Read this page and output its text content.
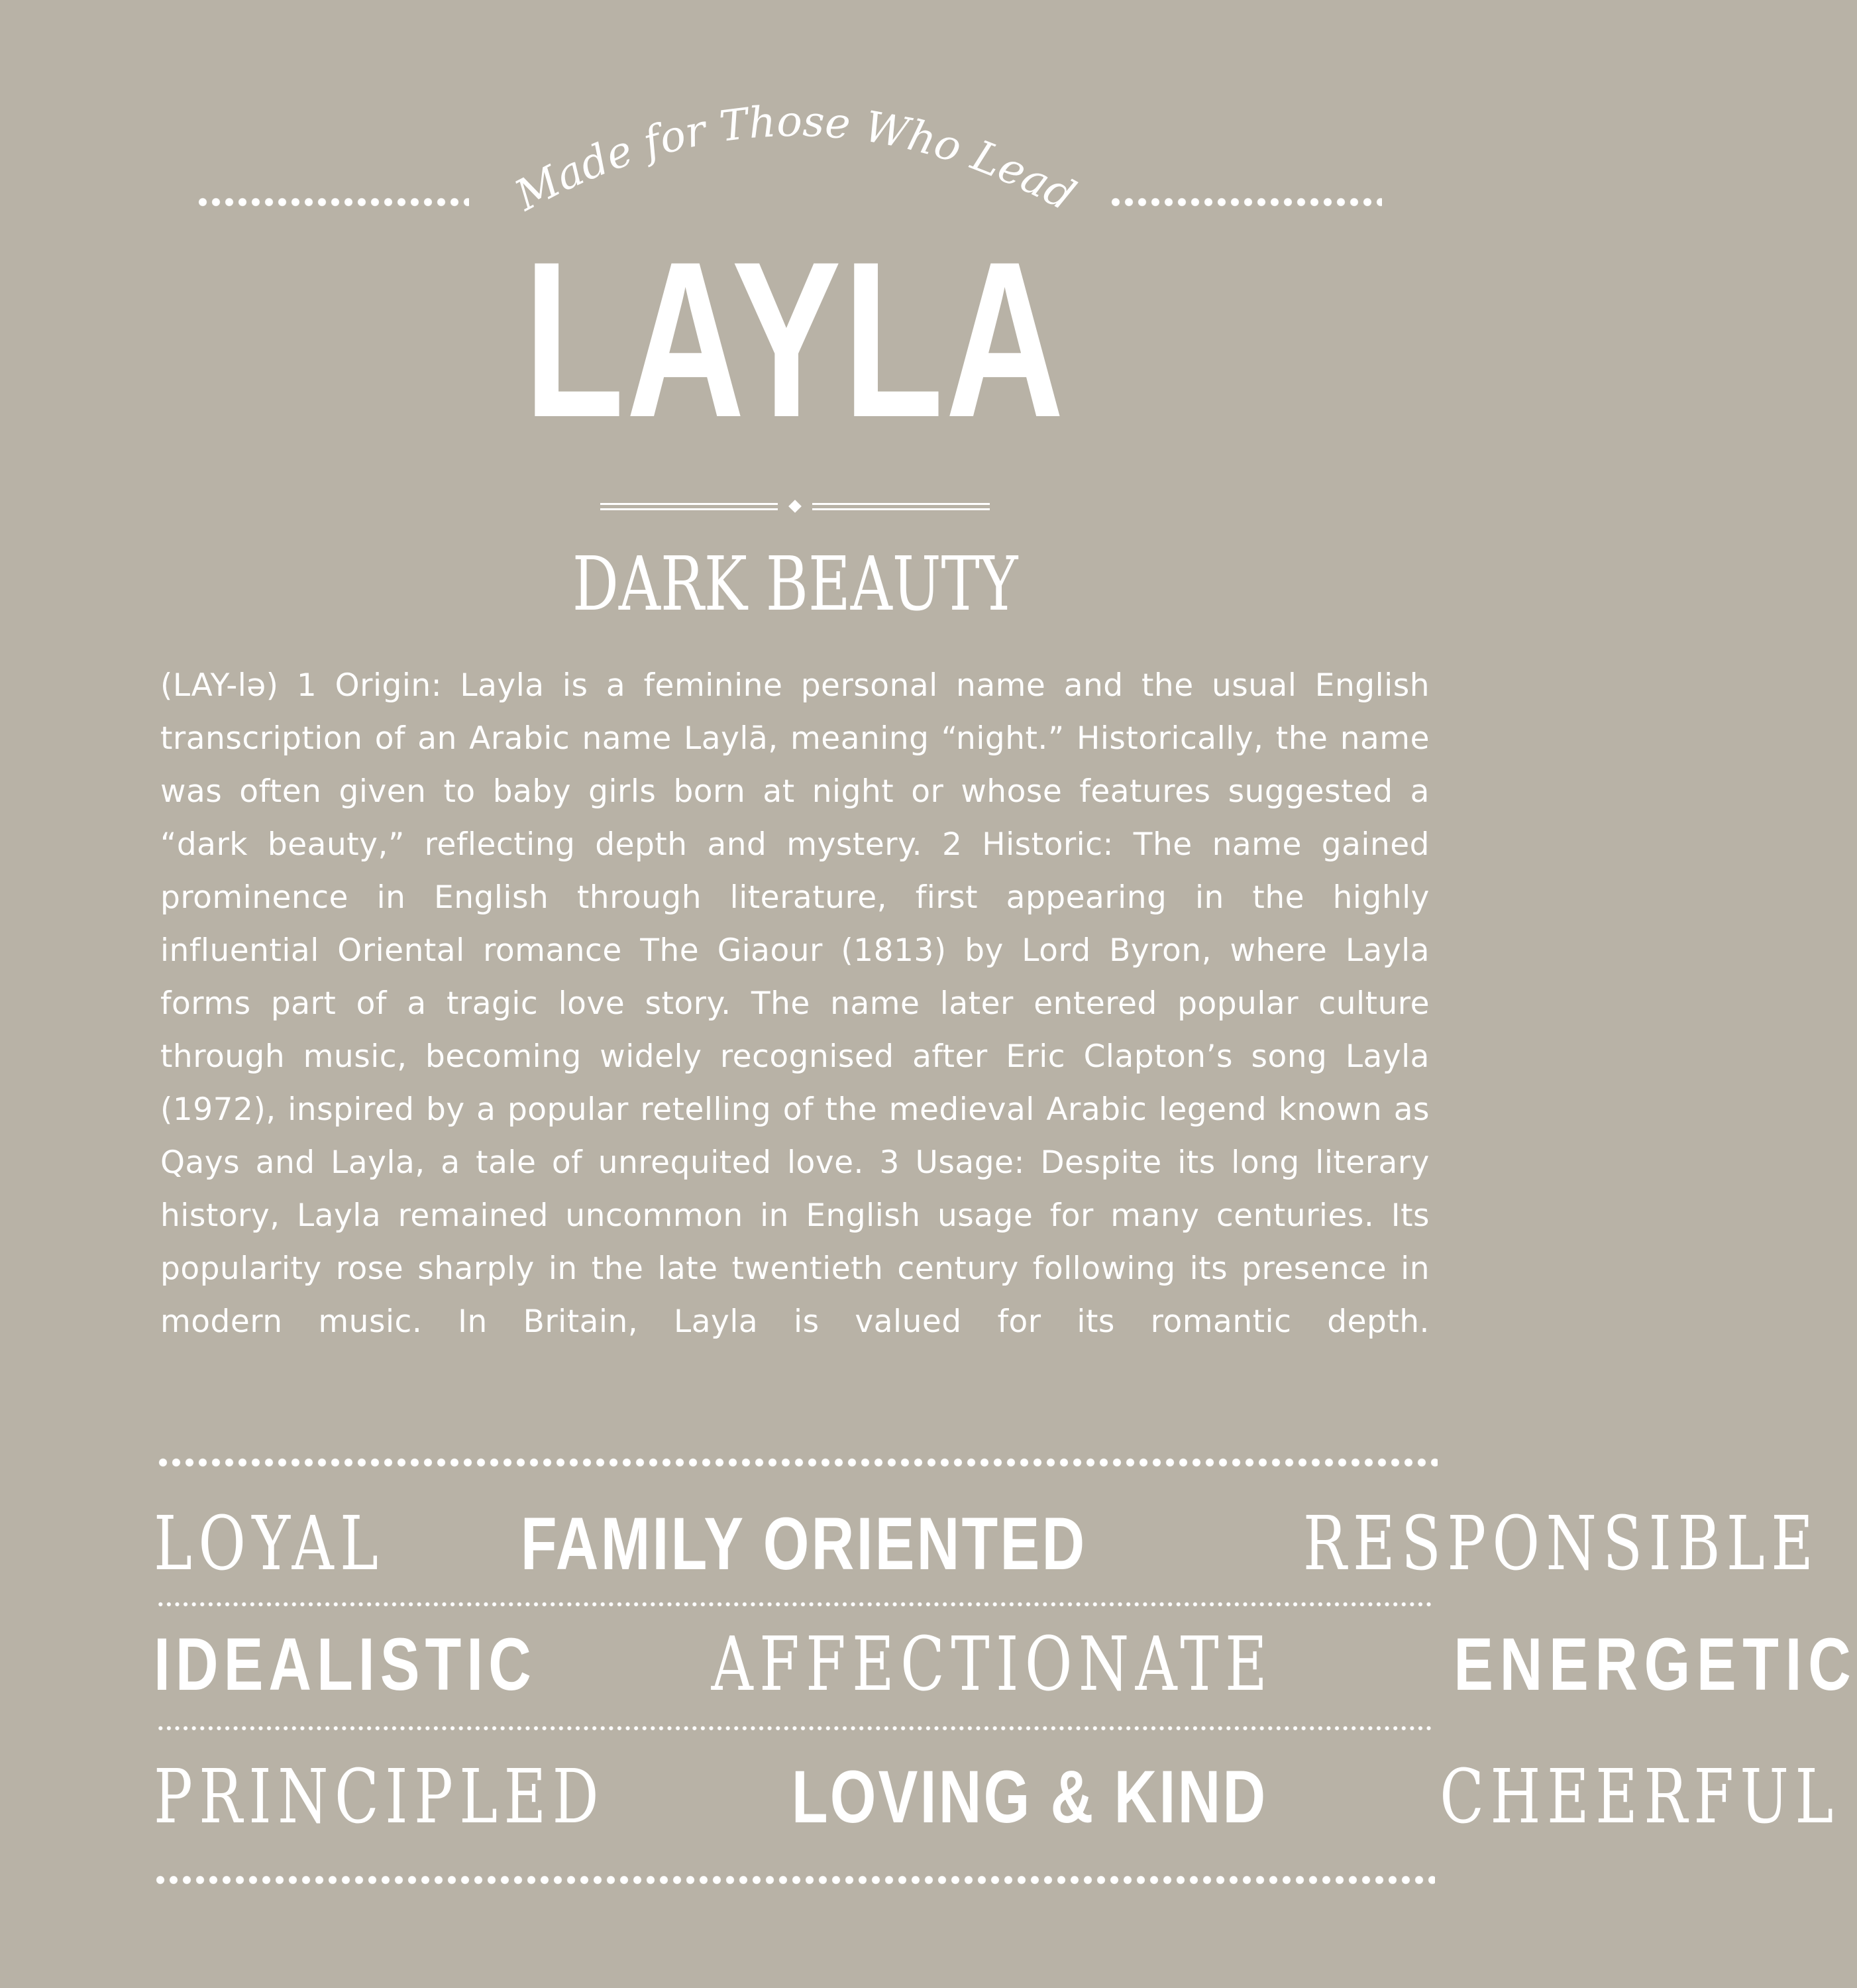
Made for Those Who Lead
LAYLA
DARK BEAUTY

(LAY-lə) 1 Origin: Layla is a feminine personal name and the usual English transcription of an Arabic name Laylā, meaning “night.” Historically, the name was often given to baby girls born at night or whose features suggested a “dark beauty,” reflecting depth and mystery. 2 Historic: The name gained prominence in English through literature, first appearing in the highly influential Oriental romance The Giaour (1813) by Lord Byron, where Layla forms part of a tragic love story. The name later entered popular culture through music, becoming widely recognised after Eric Clapton’s song Layla (1972), inspired by a popular retelling of the medieval Arabic legend known as Qays and Layla, a tale of unrequited love. 3 Usage: Despite its long literary history, Layla remained uncommon in English usage for many centuries. Its popularity rose sharply in the late twentieth century following its presence in modern music. In Britain, Layla is valued for its romantic depth.

LOYAL FAMILY ORIENTED	RESPONSIBLE
IDEALISTIC AFFECTIONATE ENERGETIC
PRINCIPLED	LOVING & KIND CHEERFUL
